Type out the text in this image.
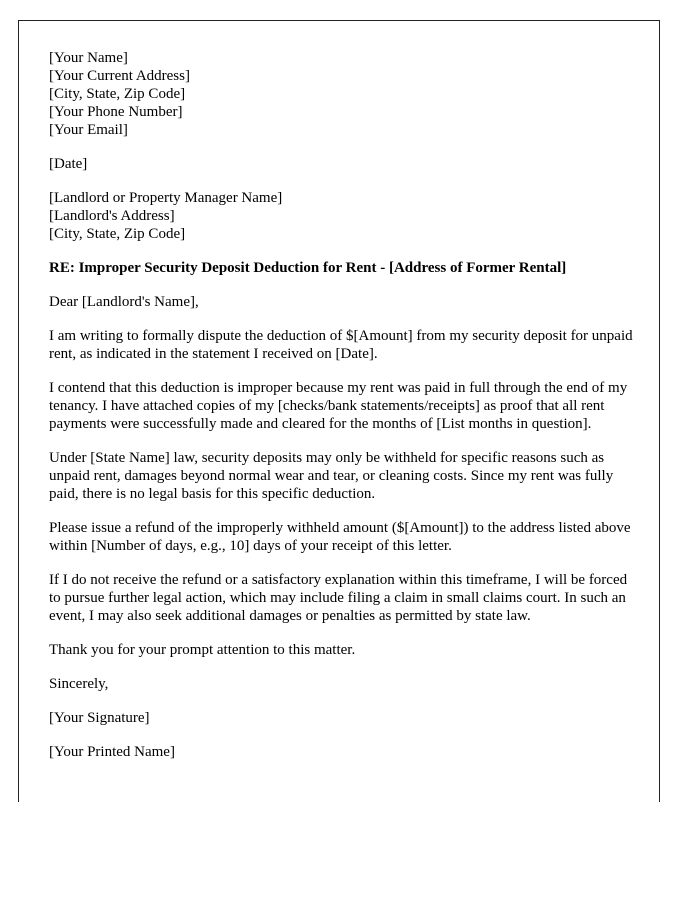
[Your Name]
[Your Current Address]
[City, State, Zip Code]
[Your Phone Number]
[Your Email]
[Date]
[Landlord or Property Manager Name]
[Landlord's Address]
[City, State, Zip Code]
RE: Improper Security Deposit Deduction for Rent - [Address of Former Rental]

Dear [Landlord's Name],

I am writing to formally dispute the deduction of $[Amount] from my security deposit for unpaid rent, as indicated in the statement I received on [Date].

I contend that this deduction is improper because my rent was paid in full through the end of my tenancy. I have attached copies of my [checks/bank statements/receipts] as proof that all rent payments were successfully made and cleared for the months of [List months in question].

Under [State Name] law, security deposits may only be withheld for specific reasons such as unpaid rent, damages beyond normal wear and tear, or cleaning costs. Since my rent was fully paid, there is no legal basis for this specific deduction.

Please issue a refund of the improperly withheld amount ($[Amount]) to the address listed above within [Number of days, e.g., 10] days of your receipt of this letter.

If I do not receive the refund or a satisfactory explanation within this timeframe, I will be forced to pursue further legal action, which may include filing a claim in small claims court. In such an event, I may also seek additional damages or penalties as permitted by state law.

Thank you for your prompt attention to this matter.

Sincerely,

[Your Signature]

[Your Printed Name]
